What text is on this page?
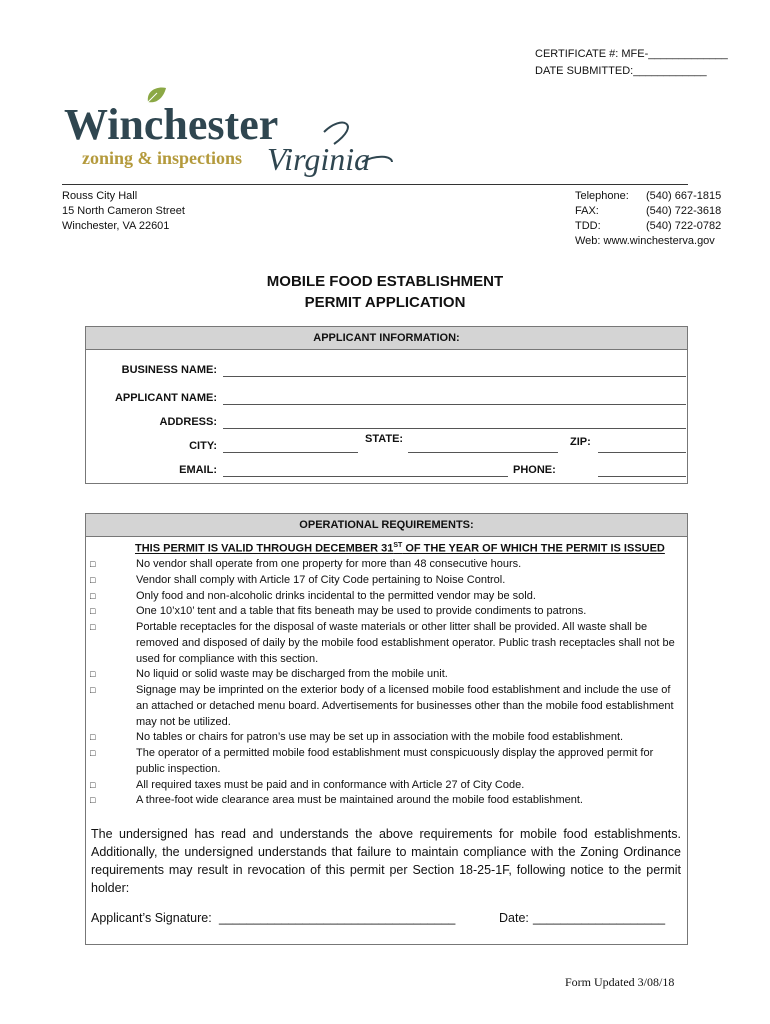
CERTIFICATE #: MFE-_____________
DATE SUBMITTED:____________
Winchester
zoning & inspections Virginia
Rouss City Hall
15 North Cameron Street
Winchester, VA 22601
Telephone: (540) 667-1815
FAX:	(540) 722-3618
TDD:	(540) 722-0782
Web: www.winchesterva.gov
MOBILE FOOD ESTABLISHMENT
PERMIT APPLICATION
APPLICANT INFORMATION:
BUSINESS NAME:
APPLICANT NAME:
ADDRESS:
CITY:
STATE:	ZIP:
EMAIL:	PHONE:
OPERATIONAL REQUIREMENTS:
THIS PERMIT IS VALID THROUGH DECEMBER 31ST OF THE YEAR OF WHICH THE PERMIT IS ISSUED
□	No vendor shall operate from one property for more than 48 consecutive hours.
□	Vendor shall comply with Article 17 of City Code pertaining to Noise Control.
□	Only food and non-alcoholic drinks incidental to the permitted vendor may be sold.
□	One 10’x10’ tent and a table that fits beneath may be used to provide condiments to patrons.
□	Portable receptacles for the disposal of waste materials or other litter shall be provided. All waste shall be removed and disposed of daily by the mobile food establishment operator. Public trash receptacles shall not be used for compliance with this section.
□	No liquid or solid waste may be discharged from the mobile unit.
□	Signage may be imprinted on the exterior body of a licensed mobile food establishment and include the use of an attached or detached menu board. Advertisements for businesses other than the mobile food establishment may not be utilized.
□	No tables or chairs for patron’s use may be set up in association with the mobile food establishment.
□	The operator of a permitted mobile food establishment must conspicuously display the approved permit for public inspection.
□	All required taxes must be paid and in conformance with Article 27 of City Code.
□	A three-foot wide clearance area must be maintained around the mobile food establishment.
The undersigned has read and understands the above requirements for mobile food establishments. Additionally, the undersigned understands that failure to maintain compliance with the Zoning Ordinance requirements may result in revocation of this permit per Section 18-25-1F, following notice to the permit holder:
Applicant’s Signature: __________________________________	Date: ___________________
Form Updated 3/08/18
